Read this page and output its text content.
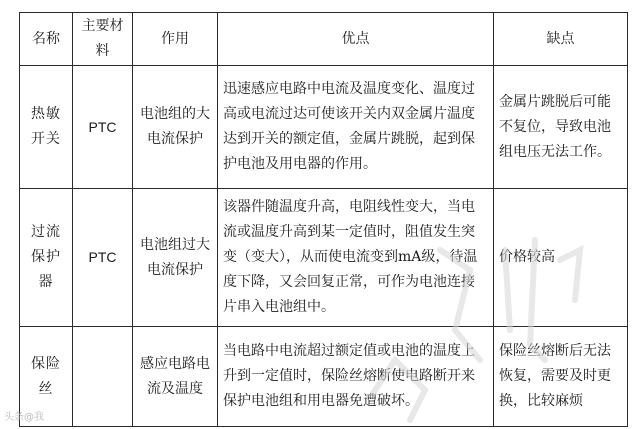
名称	主要材料	作用	优点	缺点
热敏开关	PTC	电池组的大电流保护	迅速感应电路中电流及温度变化、温度过高或电流过达可使该开关内双金属片温度达到开关的额定值，金属片跳脱，起到保护电池及用电器的作用。	金属片跳脱后可能不复位，导致电池组电压无法工作。
过流保护器	PTC	电池组过大电流保护	该器件随温度升高，电阻线性变大，当电流或温度升高到某一定值时，阻值发生突变（变大），从而使电流变到mA级，待温度下降，又会回复正常，可作为电池连接片串入电池组中。	价格较高
保险丝		感应电路电流及温度	当电路中电流超过额定值或电池的温度上升到一定值时，保险丝熔断使电路断开来保护电池组和用电器免遭破坏。	保险丝熔断后无法恢复，需要及时更换，比较麻烦
头条@我
